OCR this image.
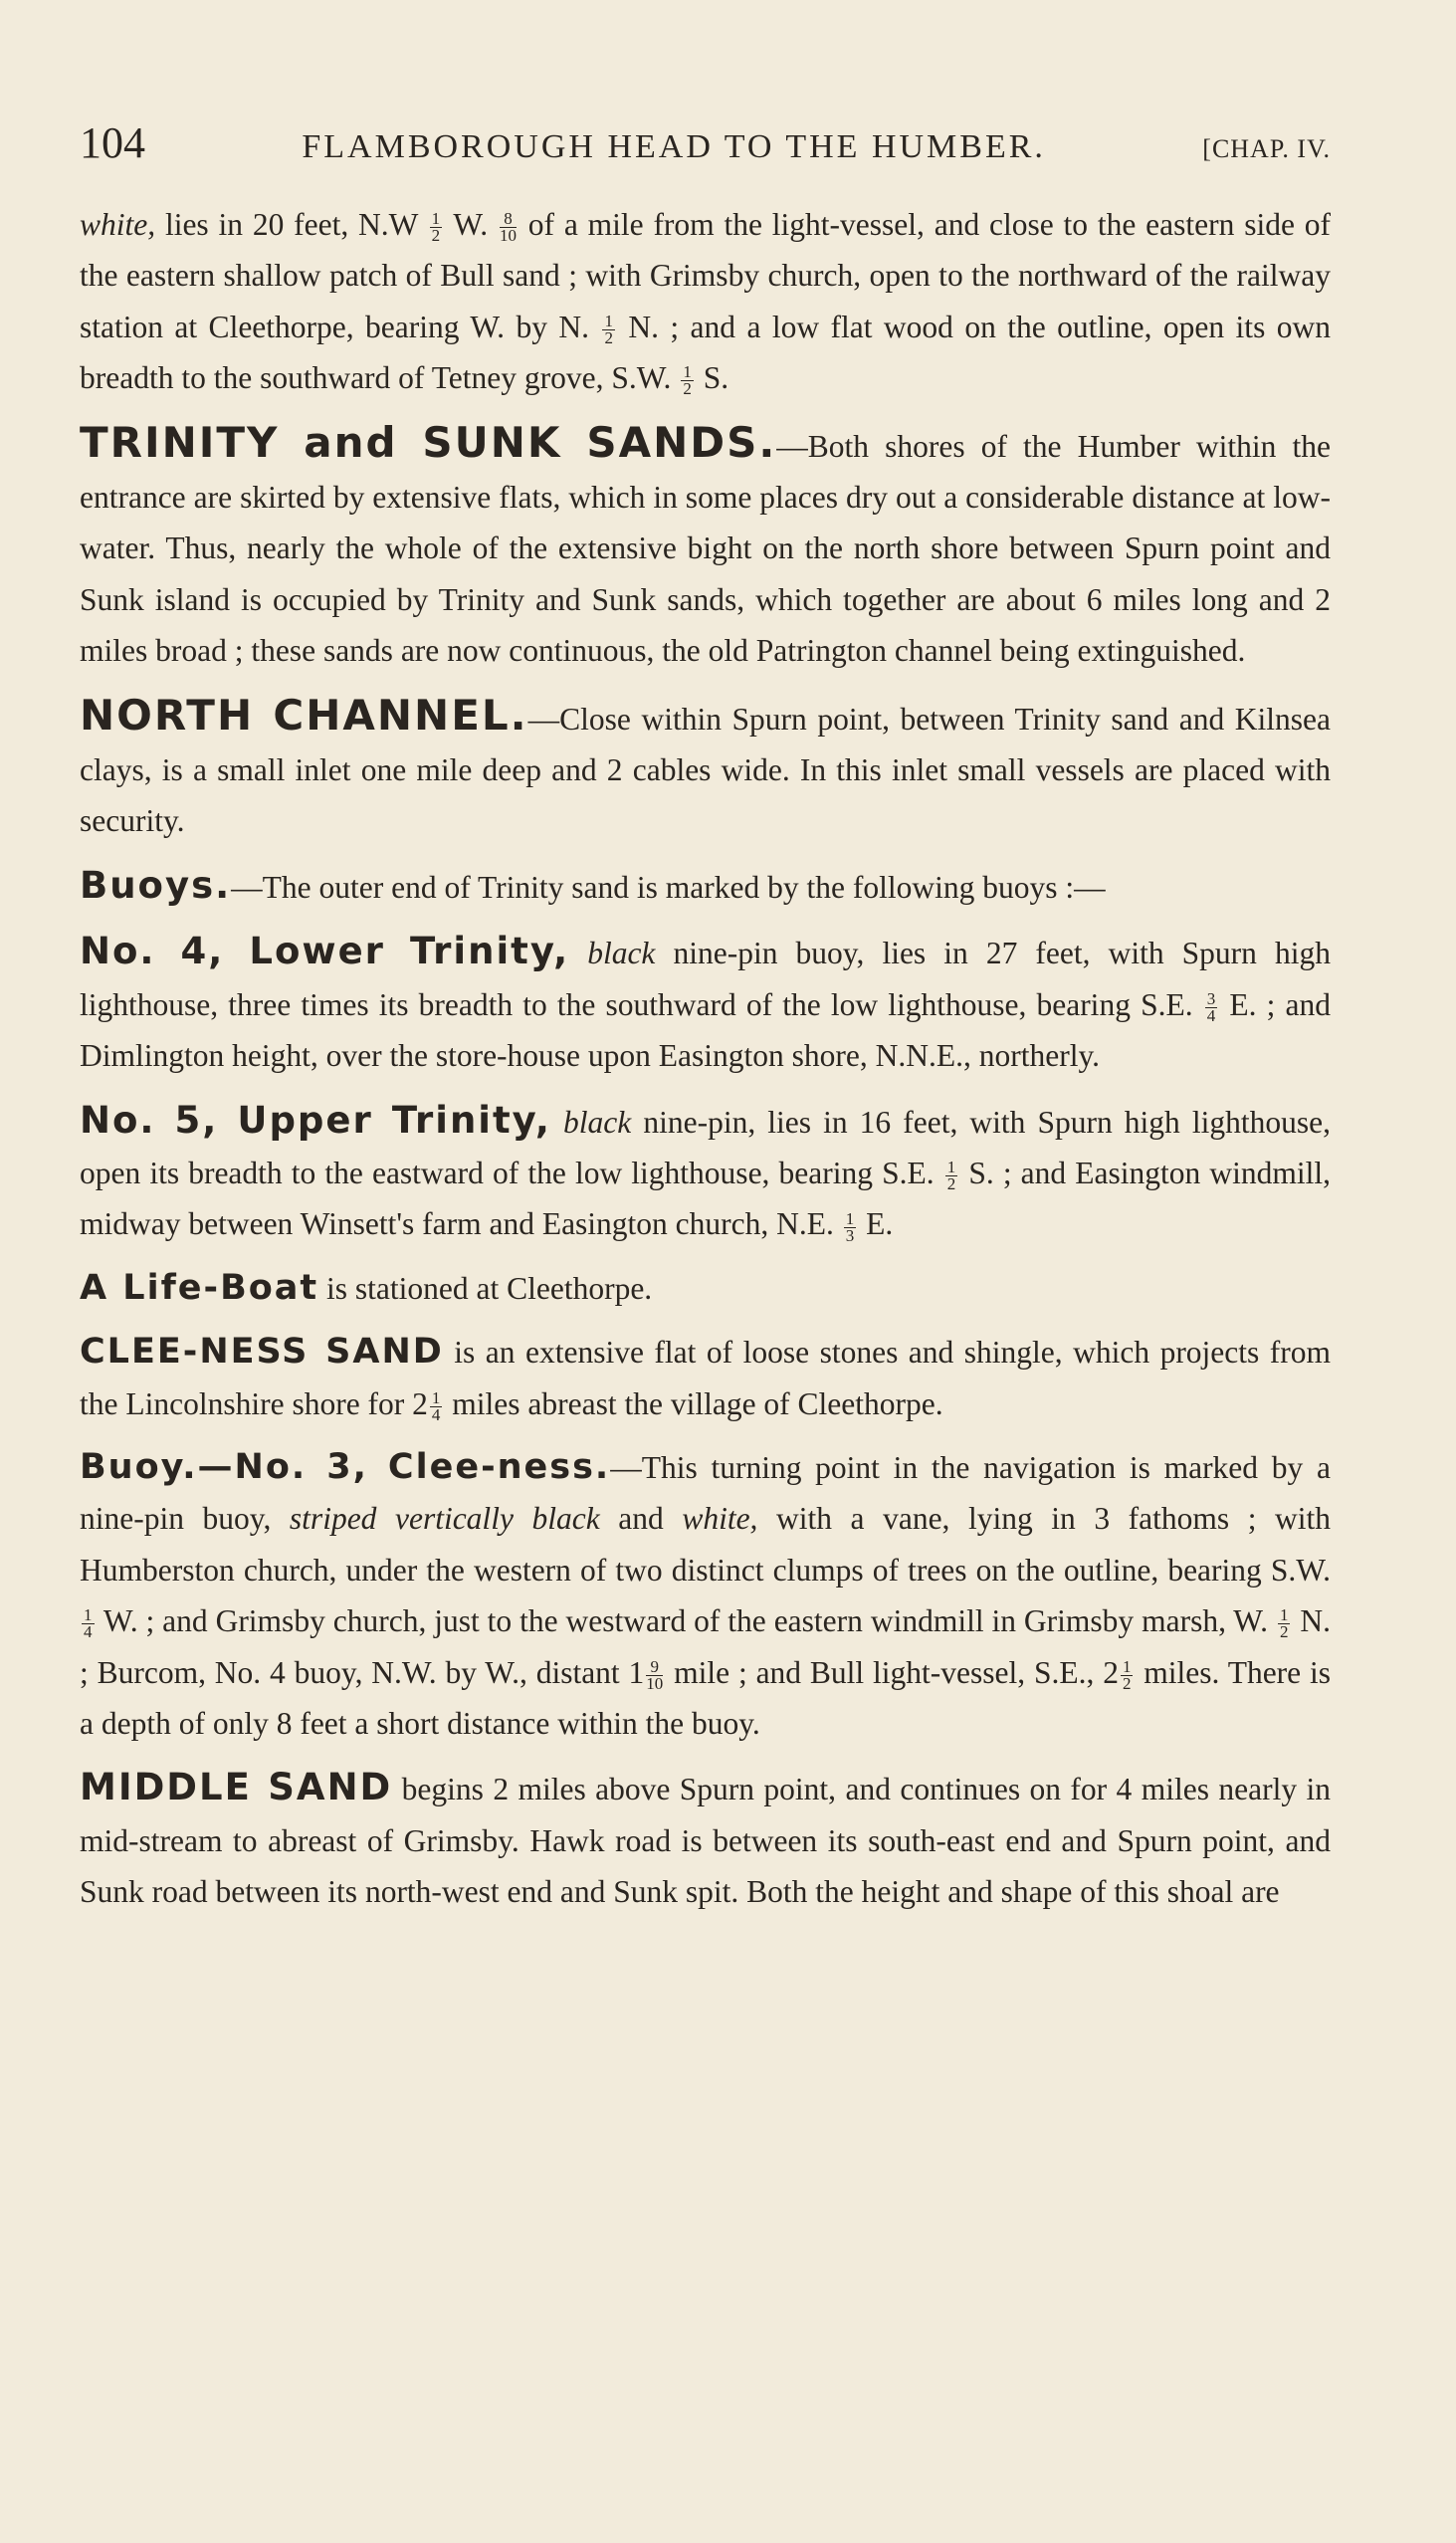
104	FLAMBOROUGH HEAD TO THE HUMBER.	[CHAP. IV.

white, lies in 20 feet, $N.W \frac{1}{2} W$. $\frac{8}{10}$ of a mile from the light-vessel, and close to the eastern side of the eastern shallow patch of Bull sand ; with Grimsby church, open to the northward of the railway station at Cleethorpe, bearing W. by N. $\frac{1}{2} N$. ; and a low flat wood on the outline, open its own breadth to the southward of Tetney grove, S.W. $\frac{1}{2} S$.

TRINITY and SUNK SANDS.—Both shores of the Humber within the entrance are skirted by extensive flats, which in some places dry out a considerable distance at low-water. Thus, nearly the whole of the extensive bight on the north shore between Spurn point and Sunk island is occupied by Trinity and Sunk sands, which together are about 6 miles long and 2 miles broad ; these sands are now continuous, the old Patrington channel being extinguished.

NORTH CHANNEL.—Close within Spurn point, between Trinity sand and Kilnsea clays, is a small inlet one mile deep and 2 cables wide. In this inlet small vessels are placed with security.

Buoys.—The outer end of Trinity sand is marked by the following buoys :—

No. 4, Lower Trinity, black nine-pin buoy, lies in 27 feet, with Spurn high lighthouse, three times its breadth to the southward of the low lighthouse, bearing S.E. $\frac{3}{4} E$. ; and Dimlington height, over the store-house upon Easington shore, N.N.E., northerly.

No. 5, Upper Trinity, black nine-pin, lies in 16 feet, with Spurn high lighthouse, open its breadth to the eastward of the low lighthouse, bearing S.E. $\frac{1}{2} S$. ; and Easington windmill, midway between Winsett's farm and Easington church, N.E. $\frac{1}{3} E$.

A Life-Boat is stationed at Cleethorpe.

CLEE-NESS SAND is an extensive flat of loose stones and shingle, which projects from the Lincolnshire shore for $2 \frac{1}{4}$ miles abreast the village of Cleethorpe.

Buoy.—No. 3, Clee-ness.—This turning point in the navigation is marked by a nine-pin buoy, striped vertically black and white, with a vane, lying in 3 fathoms ; with Humberston church, under the western of two distinct clumps of trees on the outline, bearing S.W.
$\frac{1}{4} W$. ; and Grimsby church, just to the westward of the eastern windmill in Grimsby marsh, W. $\frac{1}{2} N$. ; Burcom, No. 4 buoy, N.W. by W., distant $1 \frac{9}{10}$ mile ; and Bull light-vessel, S.E., $2 \frac{1}{2}$ miles. There is a depth of only 8 feet a short distance within the buoy.

MIDDLE SAND begins 2 miles above Spurn point, and continues on for 4 miles nearly in mid-stream to abreast of Grimsby. Hawk road is between its south-east end and Spurn point, and Sunk road between its north-west end and Sunk spit. Both the height and shape of this shoal are
